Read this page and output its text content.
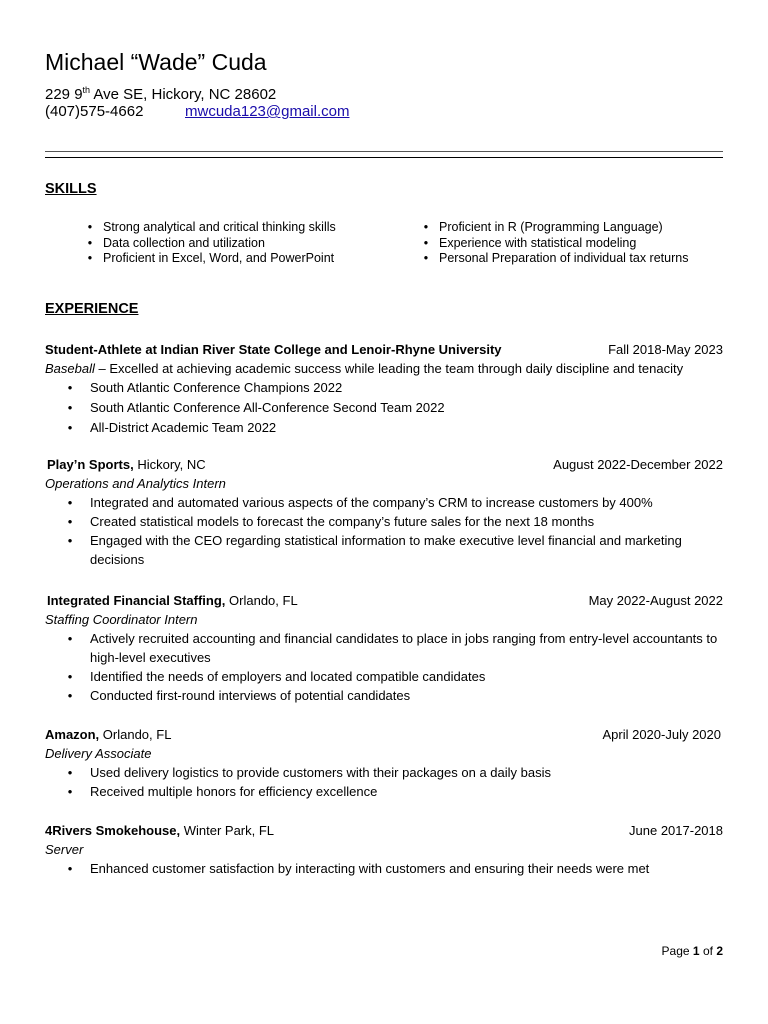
Michael “Wade” Cuda
229 9th Ave SE, Hickory, NC 28602
(407)575-4662	mwcuda123@gmail.com
SKILLS
• Strong analytical and critical thinking skills
• Data collection and utilization
• Proficient in Excel, Word, and PowerPoint
• Proficient in R (Programming Language)
• Experience with statistical modeling
• Personal Preparation of individual tax returns
EXPERIENCE
Student-Athlete at Indian River State College and Lenoir-Rhyne University	Fall 2018-May 2023
Baseball – Excelled at achieving academic success while leading the team through daily discipline and tenacity
• South Atlantic Conference Champions 2022
• South Atlantic Conference All-Conference Second Team 2022
• All-District Academic Team 2022
Play’n Sports, Hickory, NC	August 2022-December 2022
Operations and Analytics Intern
• Integrated and automated various aspects of the company’s CRM to increase customers by 400%
• Created statistical models to forecast the company’s future sales for the next 18 months
• Engaged with the CEO regarding statistical information to make executive level financial and marketing decisions
Integrated Financial Staffing, Orlando, FL	May 2022-August 2022
Staffing Coordinator Intern
• Actively recruited accounting and financial candidates to place in jobs ranging from entry-level accountants to high-level executives
• Identified the needs of employers and located compatible candidates
• Conducted first-round interviews of potential candidates
Amazon, Orlando, FL	April 2020-July 2020
Delivery Associate
• Used delivery logistics to provide customers with their packages on a daily basis
• Received multiple honors for efficiency excellence
4Rivers Smokehouse, Winter Park, FL	June 2017-2018
Server
• Enhanced customer satisfaction by interacting with customers and ensuring their needs were met
Page 1 of 2
